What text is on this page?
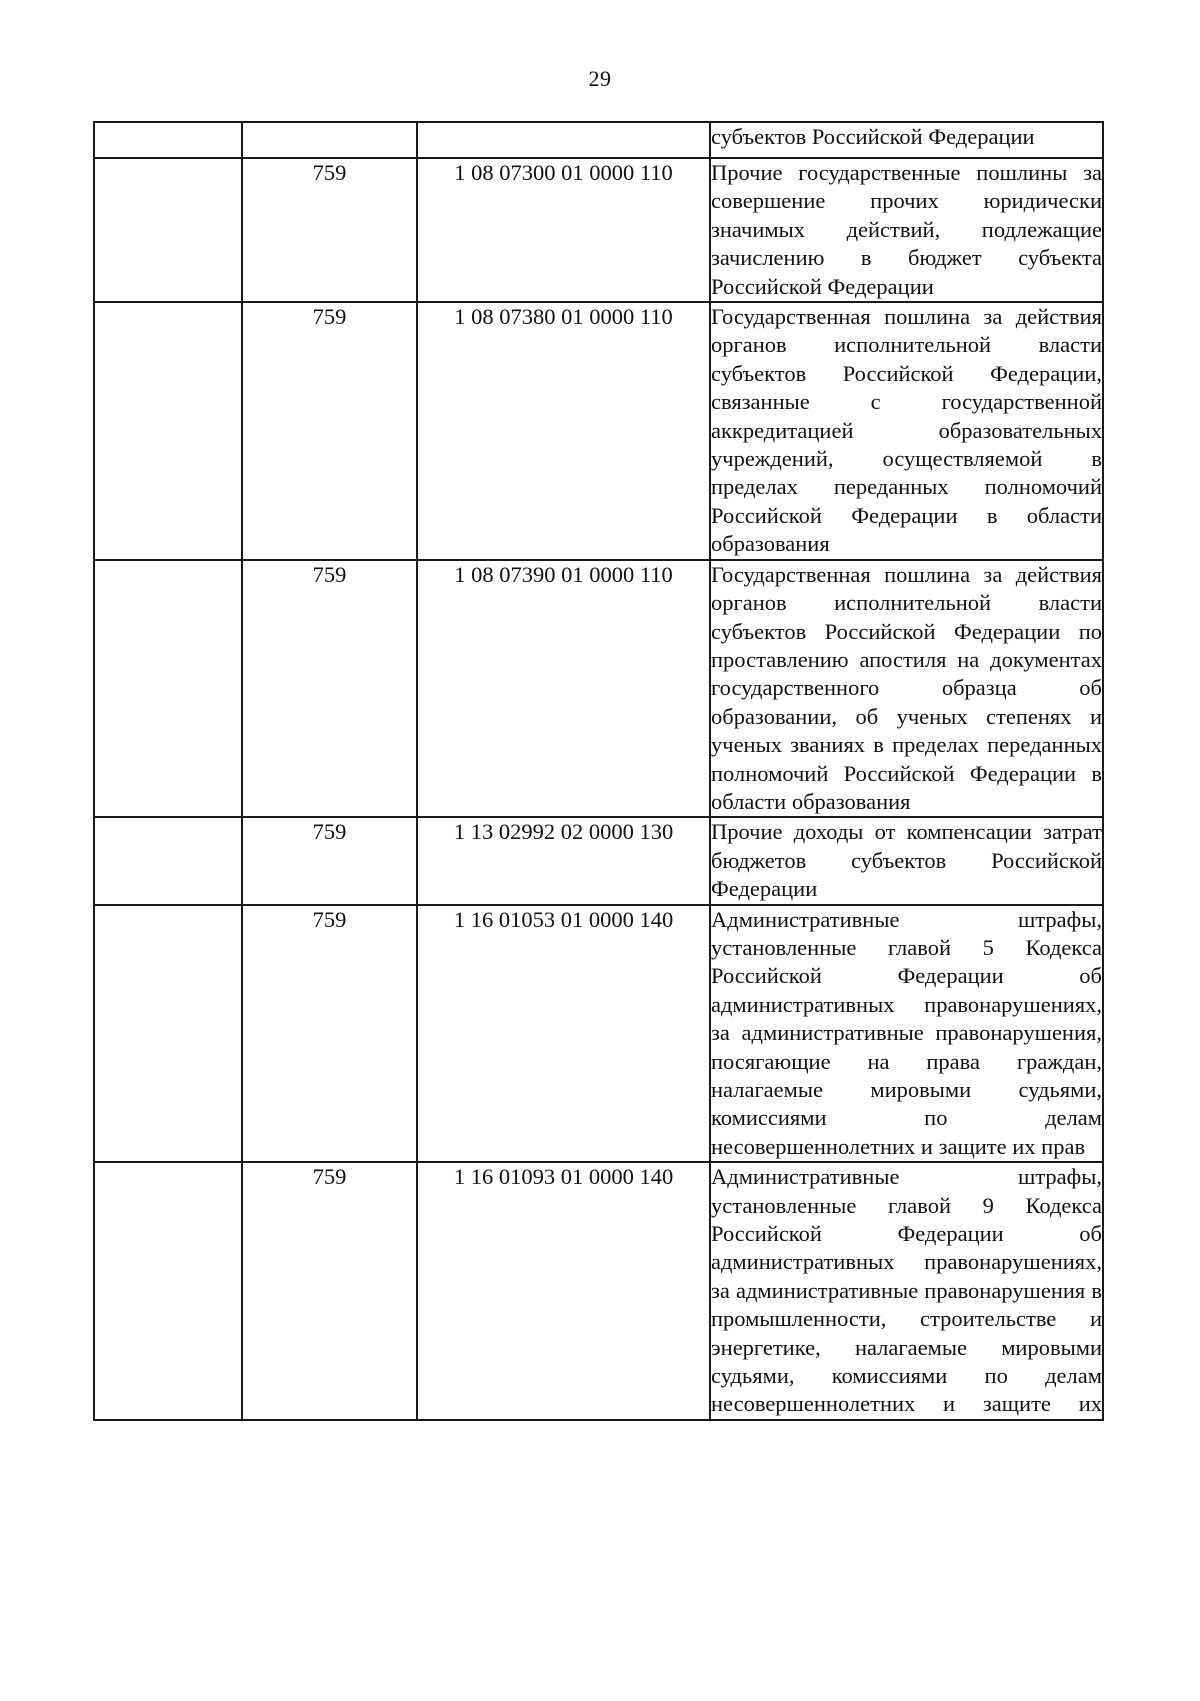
29
			субъектов Российской Федерации
	759	1 08 07300 01 0000 110	Прочие государственные пошлины за совершение прочих юридически значимых действий, подлежащие зачислению в бюджет субъекта Российской Федерации
	759	1 08 07380 01 0000 110	Государственная пошлина за действия органов исполнительной власти субъектов Российской Федерации, связанные с государственной аккредитацией образовательных учреждений, осуществляемой в пределах переданных полномочий Российской Федерации в области образования
	759	1 08 07390 01 0000 110	Государственная пошлина за действия органов исполнительной власти субъектов Российской Федерации по проставлению апостиля на документах государственного образца об образовании, об ученых степенях и ученых званиях в пределах переданных полномочий Российской Федерации в области образования
	759	1 13 02992 02 0000 130	Прочие доходы от компенсации затрат бюджетов субъектов Российской Федерации
	759	1 16 01053 01 0000 140	Административные штрафы, установленные главой 5 Кодекса Российской Федерации об административных правонарушениях, за административные правонарушения, посягающие на права граждан, налагаемые мировыми судьями, комиссиями по делам несовершеннолетних и защите их прав
	759	1 16 01093 01 0000 140	Административные штрафы, установленные главой 9 Кодекса Российской Федерации об административных правонарушениях, за административные правонарушения в промышленности, строительстве и энергетике, налагаемые мировыми судьями, комиссиями по делам несовершеннолетних и защите их
